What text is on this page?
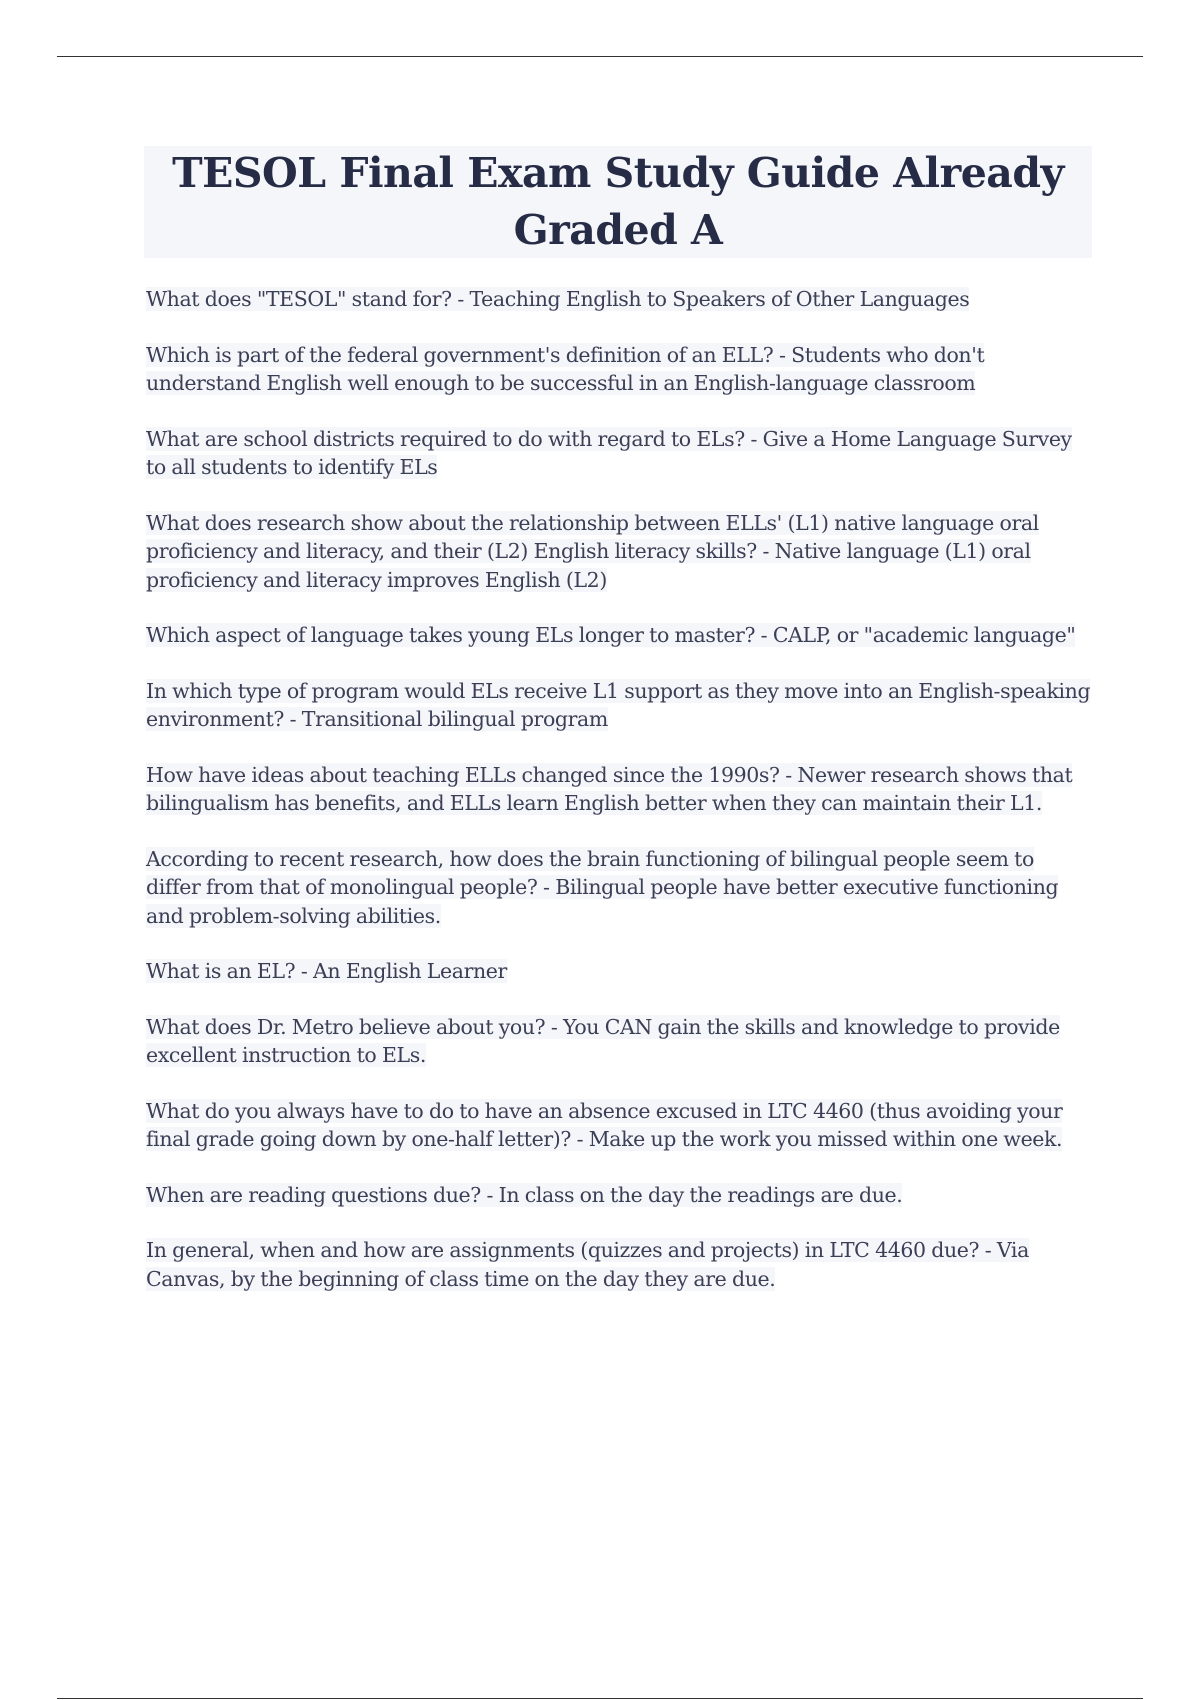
TESOL Final Exam Study Guide Already Graded A
What does "TESOL" stand for? - Teaching English to Speakers of Other Languages
Which is part of the federal government's definition of an ELL? - Students who don't understand English well enough to be successful in an English-language classroom
What are school districts required to do with regard to ELs? - Give a Home Language Survey to all students to identify ELs
What does research show about the relationship between ELLs' (L1) native language oral proficiency and literacy, and their (L2) English literacy skills? - Native language (L1) oral proficiency and literacy improves English (L2)
Which aspect of language takes young ELs longer to master? - CALP, or "academic language"
In which type of program would ELs receive L1 support as they move into an English-speaking environment? - Transitional bilingual program
How have ideas about teaching ELLs changed since the 1990s? - Newer research shows that bilingualism has benefits, and ELLs learn English better when they can maintain their L1.
According to recent research, how does the brain functioning of bilingual people seem to differ from that of monolingual people? - Bilingual people have better executive functioning and problem-solving abilities.
What is an EL? - An English Learner
What does Dr. Metro believe about you? - You CAN gain the skills and knowledge to provide excellent instruction to ELs.
What do you always have to do to have an absence excused in LTC 4460 (thus avoiding your final grade going down by one-half letter)? - Make up the work you missed within one week.
When are reading questions due? - In class on the day the readings are due.
In general, when and how are assignments (quizzes and projects) in LTC 4460 due? - Via Canvas, by the beginning of class time on the day they are due.
